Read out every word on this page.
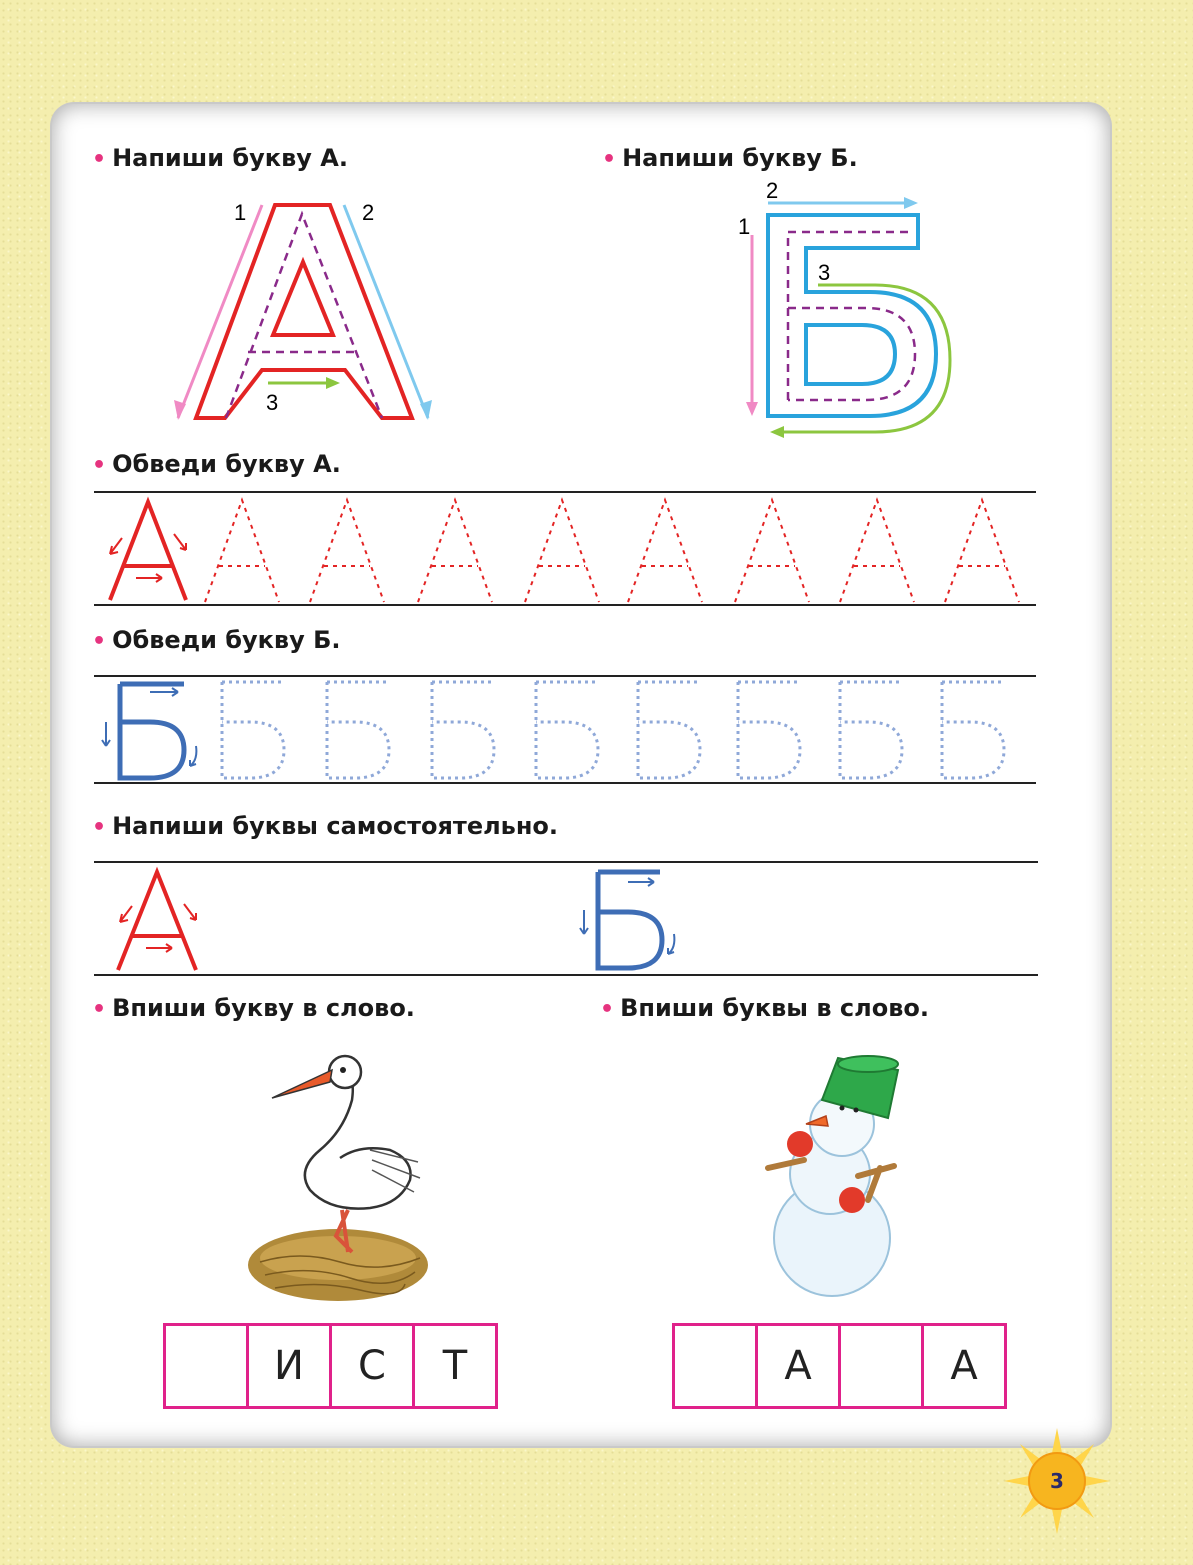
• Напиши букву А.	• Напиши букву Б.
• Обведи букву А.
• Обведи букву Б.
• Напиши буквы самостоятельно.
• Впиши букву в слово.	• Впиши буквы в слово.
1	2
3
2
1
3
И	С	Т	А	А
3
